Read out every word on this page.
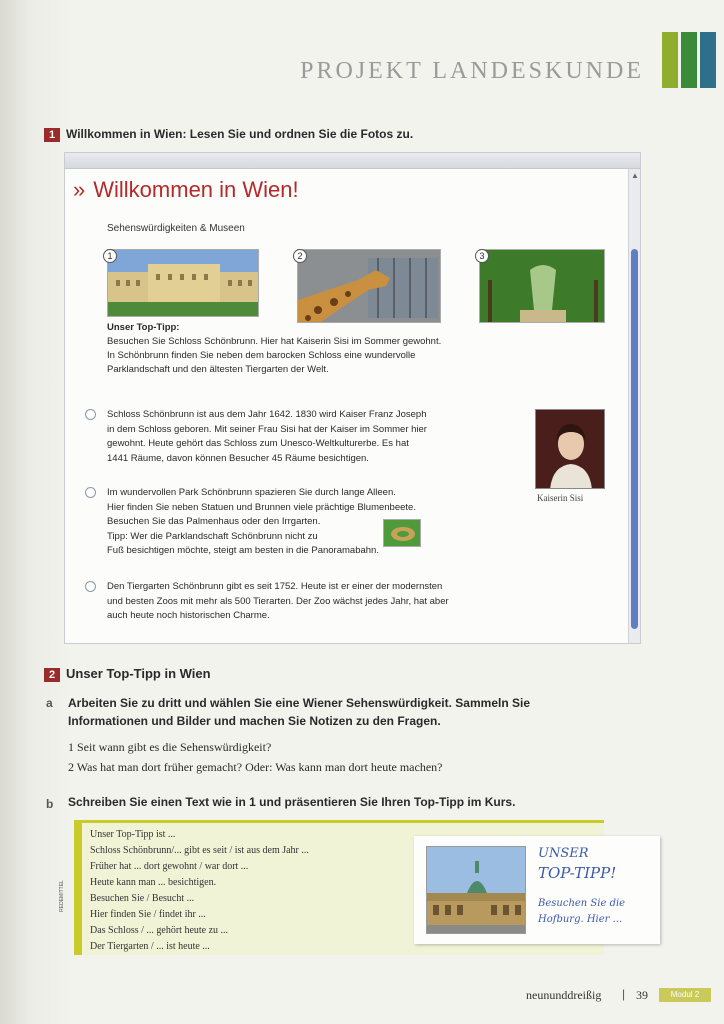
PROJEKT LANDESKUNDE
1 Willkommen in Wien: Lesen Sie und ordnen Sie die Fotos zu.
▲
» Willkommen in Wien!
Sehenswürdigkeiten & Museen
1	2	3
Unser Top-Tipp:
Besuchen Sie Schloss Schönbrunn. Hier hat Kaiserin Sisi im Sommer gewohnt.
In Schönbrunn finden Sie neben dem barocken Schloss eine wundervolle
Parklandschaft und den ältesten Tiergarten der Welt.
Schloss Schönbrunn ist aus dem Jahr 1642. 1830 wird Kaiser Franz Joseph
in dem Schloss geboren. Mit seiner Frau Sisi hat der Kaiser im Sommer hier
gewohnt. Heute gehört das Schloss zum Unesco-Weltkulturerbe. Es hat
1441 Räume, davon können Besucher 45 Räume besichtigen.
Im wundervollen Park Schönbrunn spazieren Sie durch lange Alleen.
Hier finden Sie neben Statuen und Brunnen viele prächtige Blumenbeete.
Besuchen Sie das Palmenhaus oder den Irrgarten.
Tipp: Wer die Parklandschaft Schönbrunn nicht zu
Fuß besichtigen möchte, steigt am besten in die Panoramabahn.
Den Tiergarten Schönbrunn gibt es seit 1752. Heute ist er einer der modernsten
und besten Zoos mit mehr als 500 Tierarten. Der Zoo wächst jedes Jahr, hat aber
auch heute noch historischen Charme.
Kaiserin Sisi
2 Unser Top-Tipp in Wien
a Arbeiten Sie zu dritt und wählen Sie eine Wiener Sehenswürdigkeit. Sammeln Sie
Informationen und Bilder und machen Sie Notizen zu den Fragen.
1 Seit wann gibt es die Sehenswürdigkeit?
2 Was hat man dort früher gemacht? Oder: Was kann man dort heute machen?
b Schreiben Sie einen Text wie in 1 und präsentieren Sie Ihren Top-Tipp im Kurs.
REDEMITTEL
Unser Top-Tipp ist ...
Schloss Schönbrunn/... gibt es seit / ist aus dem Jahr ...
Früher hat ... dort gewohnt / war dort ...
Heute kann man ... besichtigen.
Besuchen Sie / Besucht ...
Hier finden Sie / findet ihr ...
Das Schloss / ... gehört heute zu ...
Der Tiergarten / ... ist heute ...
UNSER
TOP-TIPP!
Besuchen Sie die
Hofburg. Hier ...
neununddreißig | 39	Modul 2
